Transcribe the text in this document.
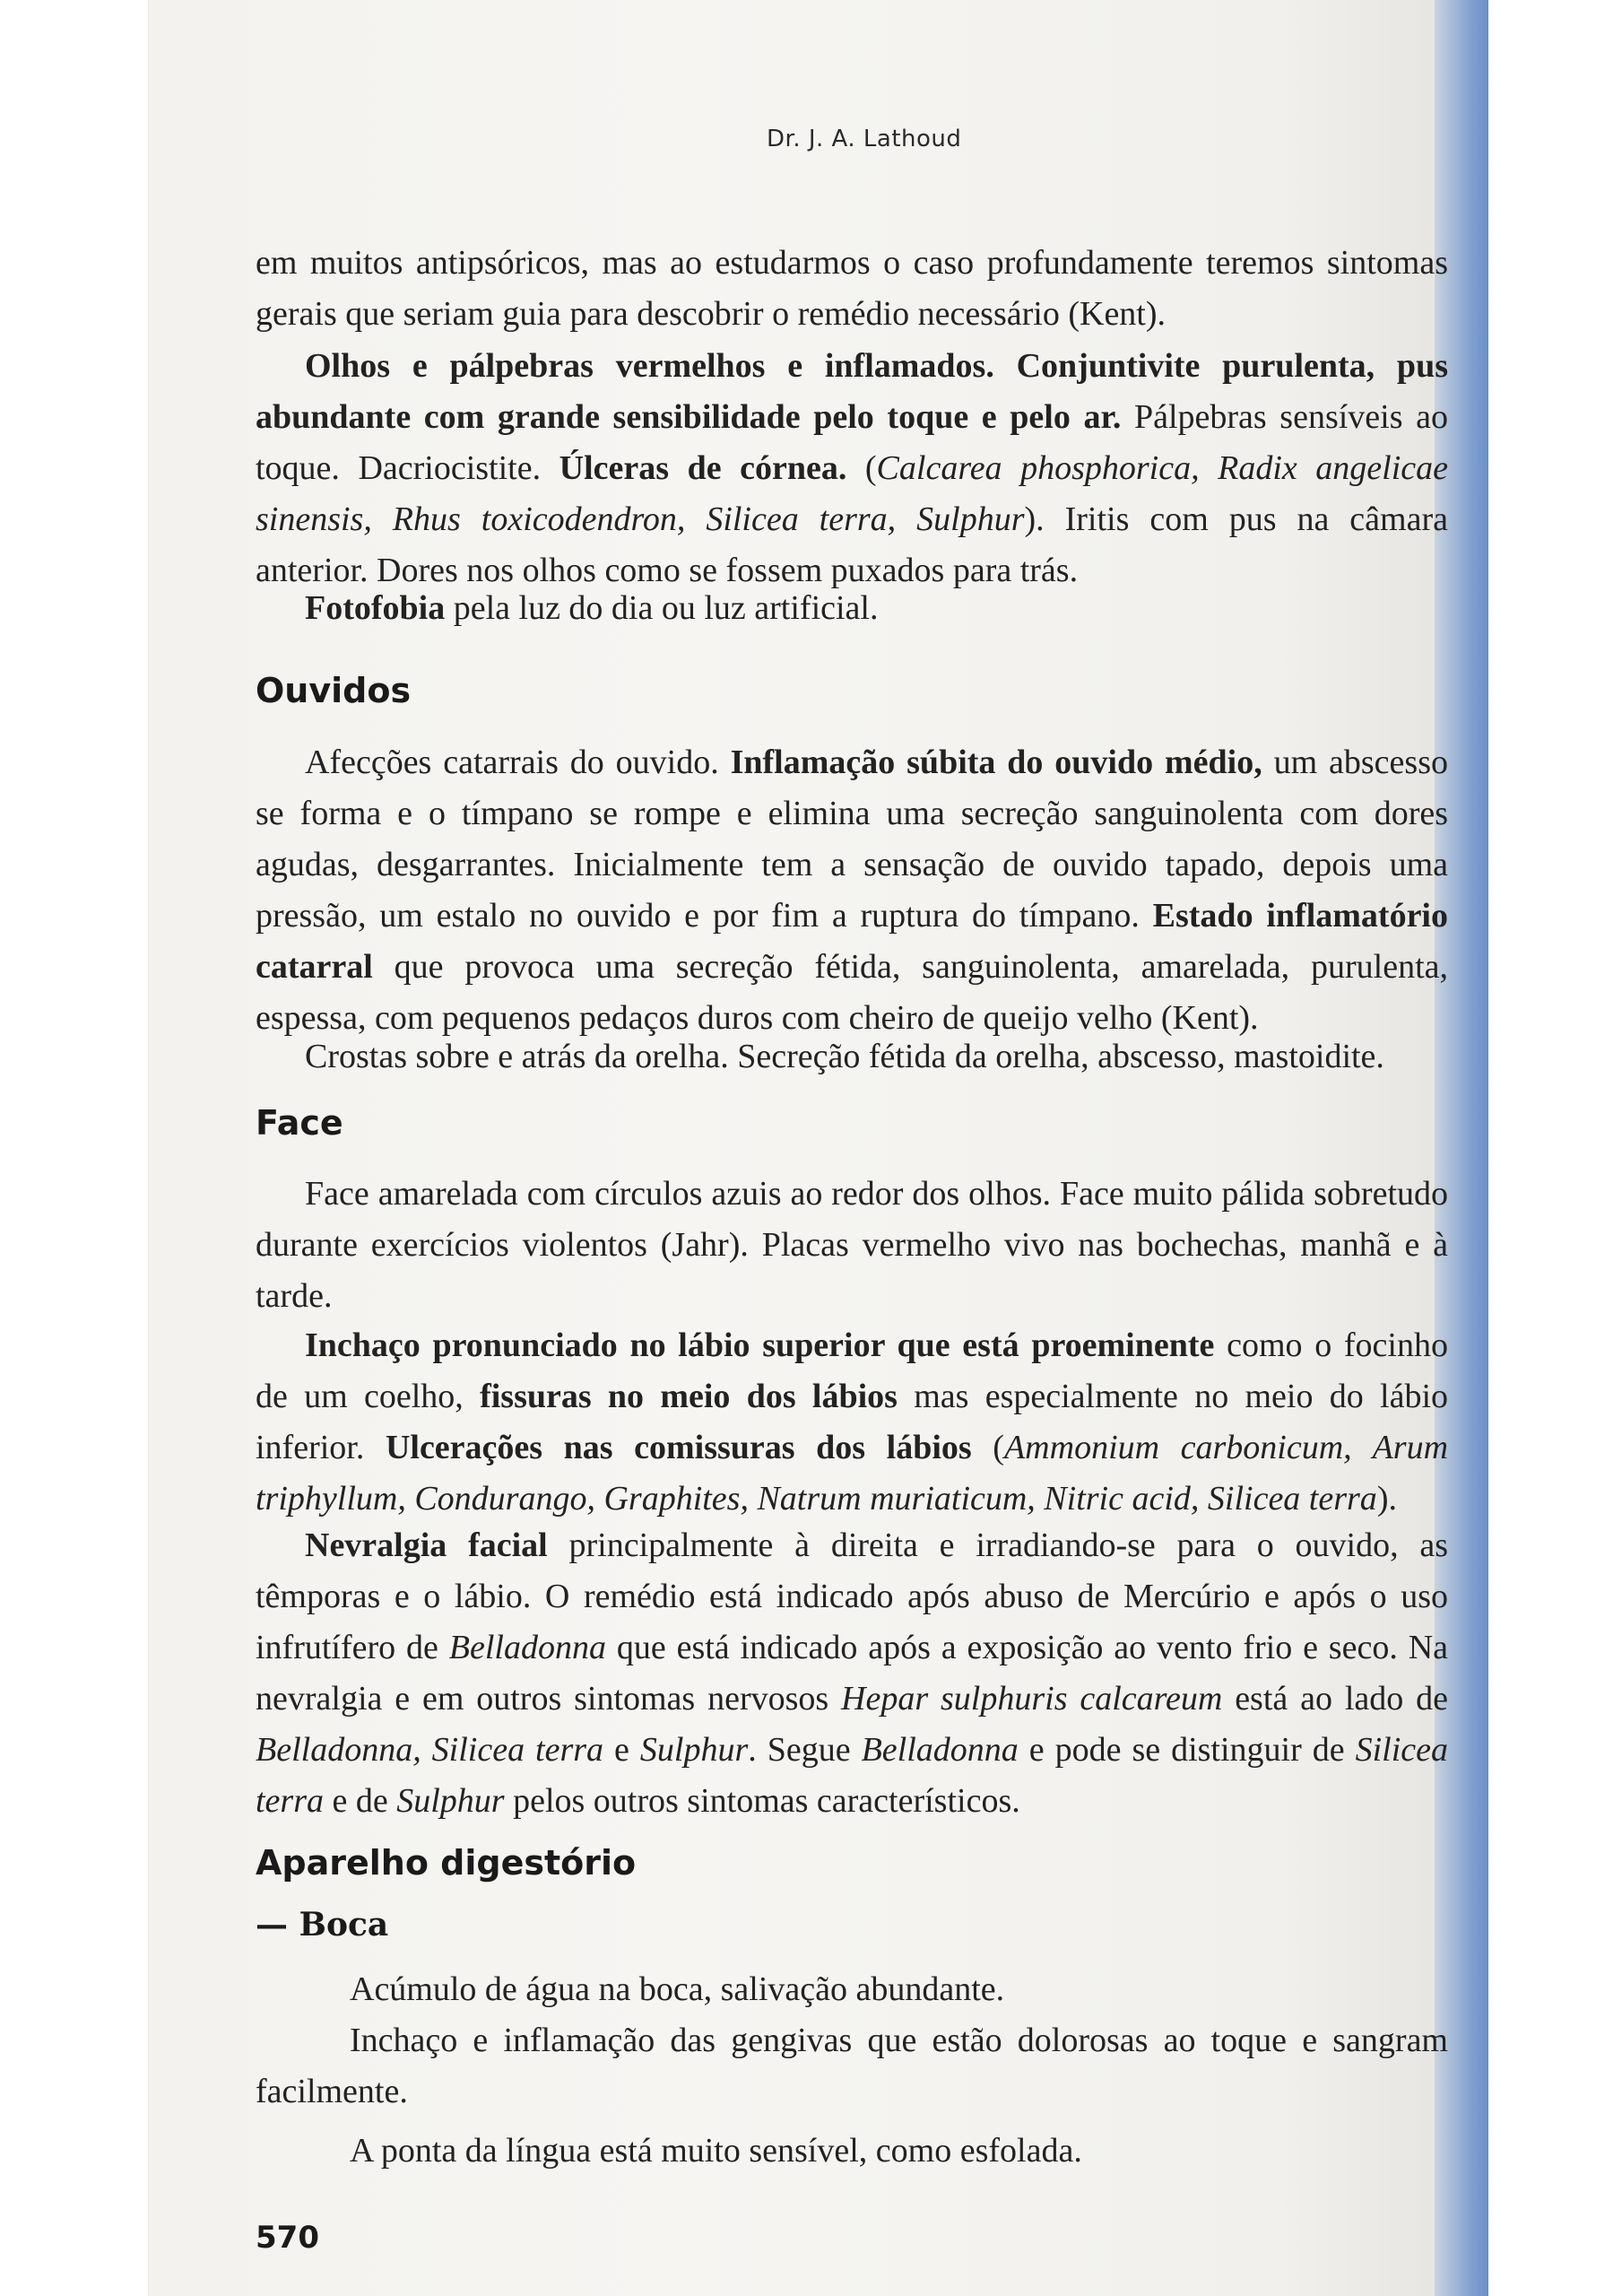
Dr. J. A. Lathoud

em muitos antipsóricos, mas ao estudarmos o caso profundamente teremos sintomas gerais que seriam guia para descobrir o remédio necessário (Kent).

Olhos e pálpebras vermelhos e inflamados. Conjuntivite purulenta, pus abundante com grande sensibilidade pelo toque e pelo ar. Pálpebras sensíveis ao toque. Dacriocistite. Úlceras de córnea. (Calcarea phosphorica, Radix angelicae sinensis, Rhus toxicodendron, Silicea terra, Sulphur). Iritis com pus na câmara anterior. Dores nos olhos como se fossem puxados para trás.

Fotofobia pela luz do dia ou luz artificial.

Ouvidos

Afecções catarrais do ouvido. Inflamação súbita do ouvido médio, um abscesso se forma e o tímpano se rompe e elimina uma secreção sanguinolenta com dores agudas, desgarrantes. Inicialmente tem a sensação de ouvido tapado, depois uma pressão, um estalo no ouvido e por fim a ruptura do tímpano. Estado inflamatório catarral que provoca uma secreção fétida, sanguinolenta, amarelada, purulenta, espessa, com pequenos pedaços duros com cheiro de queijo velho (Kent).

Crostas sobre e atrás da orelha. Secreção fétida da orelha, abscesso, mastoidite.

Face

Face amarelada com círculos azuis ao redor dos olhos. Face muito pálida sobretudo durante exercícios violentos (Jahr). Placas vermelho vivo nas bochechas, manhã e à tarde.

Inchaço pronunciado no lábio superior que está proeminente como o focinho de um coelho, fissuras no meio dos lábios mas especialmente no meio do lábio inferior. Ulcerações nas comissuras dos lábios (Ammonium carbonicum, Arum triphyllum, Condurango, Graphites, Natrum muriaticum, Nitric acid, Silicea terra).

Nevralgia facial principalmente à direita e irradiando-se para o ouvido, as têmporas e o lábio. O remédio está indicado após abuso de Mercúrio e após o uso infrutífero de Belladonna que está indicado após a exposição ao vento frio e seco. Na nevralgia e em outros sintomas nervosos Hepar sulphuris calcareum está ao lado de Belladonna, Silicea terra e Sulphur. Segue Belladonna e pode se distinguir de Silicea terra e de Sulphur pelos outros sintomas característicos.

Aparelho digestório
— Boca

Acúmulo de água na boca, salivação abundante.

Inchaço e inflamação das gengivas que estão dolorosas ao toque e sangram facilmente.

A ponta da língua está muito sensível, como esfolada.

570
